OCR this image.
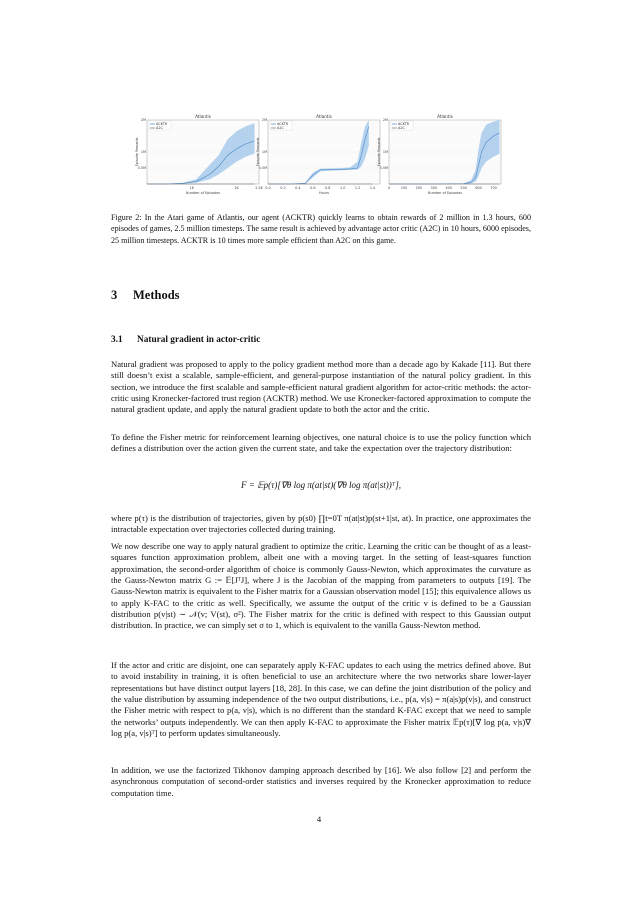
Atlantis
2M
1M
0.5M
1K	2K	2.5K
Number of Episodes
Episode Rewards
ACKTR
A2C
Atlantis
2M
1M
0.5M
0.0	0.2	0.4	0.6	0.8	1.0	1.2	1.4
Hours
Episode Rewards
ACKTR
A2C
Atlantis
2M
1M
0.5M
0	100 200 300 400 500 600 700
Number of Episodes
Episode Rewards
ACKTR
A2C
Figure 2: In the Atari game of Atlantis, our agent (ACKTR) quickly learns to obtain rewards of 2 million in 1.3 hours, 600 episodes of games, 2.5 million timesteps. The same result is achieved by advantage actor critic (A2C) in 10 hours, 6000 episodes, 25 million timesteps. ACKTR is 10 times more sample efficient than A2C on this game.
3 Methods
3.1 Natural gradient in actor-critic
Natural gradient was proposed to apply to the policy gradient method more than a decade ago by Kakade [11]. But there still doesn’t exist a scalable, sample-efficient, and general-purpose instantiation of the natural policy gradient. In this section, we introduce the first scalable and sample-efficient natural gradient algorithm for actor-critic methods: the actor-critic using Kronecker-factored trust region (ACKTR) method. We use Kronecker-factored approximation to compute the natural gradient update, and apply the natural gradient update to both the actor and the critic.
To define the Fisher metric for reinforcement learning objectives, one natural choice is to use the policy function which defines a distribution over the action given the current state, and take the expectation over the trajectory distribution:
F = 𝔼p(τ)[∇θ log π(at|st)(∇θ log π(at|st))ᵀ],
where p(τ) is the distribution of trajectories, given by p(s0) ∏t=0T π(at|st)p(st+1|st, at). In practice, one approximates the intractable expectation over trajectories collected during training.
We now describe one way to apply natural gradient to optimize the critic. Learning the critic can be thought of as a least-squares function approximation problem, albeit one with a moving target. In the setting of least-squares function approximation, the second-order algorithm of choice is commonly Gauss-Newton, which approximates the curvature as the Gauss-Newton matrix G := 𝔼[JᵀJ], where J is the Jacobian of the mapping from parameters to outputs [19]. The Gauss-Newton matrix is equivalent to the Fisher matrix for a Gaussian observation model [15]; this equivalence allows us to apply K-FAC to the critic as well. Specifically, we assume the output of the critic v is defined to be a Gaussian distribution p(v|st) ∼ 𝒩(v; V(st), σ²). The Fisher matrix for the critic is defined with respect to this Gaussian output distribution. In practice, we can simply set σ to 1, which is equivalent to the vanilla Gauss-Newton method.
If the actor and critic are disjoint, one can separately apply K-FAC updates to each using the metrics defined above. But to avoid instability in training, it is often beneficial to use an architecture where the two networks share lower-layer representations but have distinct output layers [18, 28]. In this case, we can define the joint distribution of the policy and the value distribution by assuming independence of the two output distributions, i.e., p(a, v|s) = π(a|s)p(v|s), and construct the Fisher metric with respect to p(a, v|s), which is no different than the standard K-FAC except that we need to sample the networks’ outputs independently. We can then apply K-FAC to approximate the Fisher matrix 𝔼p(τ)[∇ log p(a, v|s)∇ log p(a, v|s)ᵀ] to perform updates simultaneously.
In addition, we use the factorized Tikhonov damping approach described by [16]. We also follow [2] and perform the asynchronous computation of second-order statistics and inverses required by the Kronecker approximation to reduce computation time.
4
